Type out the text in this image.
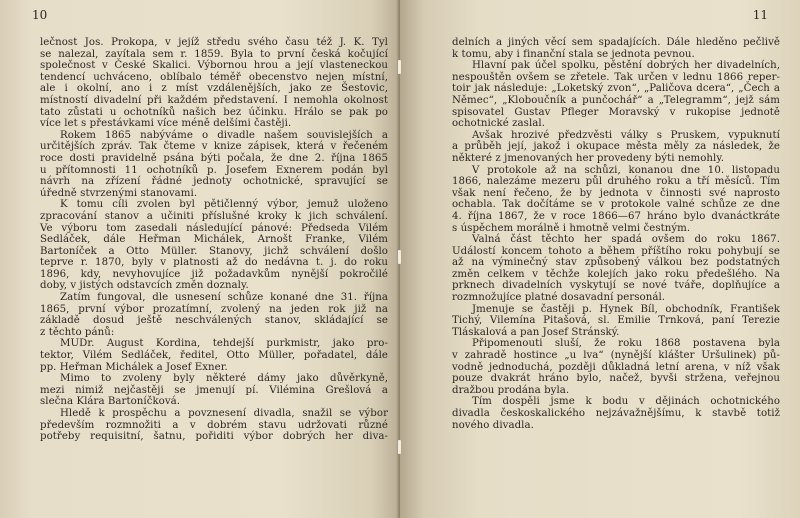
10
lečnost Jos. Prokopa, v jejíž středu svého času též J. K. Tyl
se nalezal, zavítala sem r. 1859. Byla to první česká kočující
společnost v České Skalici. Výbornou hrou a její vlasteneckou
tendencí uchváceno, oblíbalo téměř obecenstvo nejen místní,
ale i okolní, ano i z míst vzdálenějších, jako ze Šestovic,
místností divadelní při každém představení. I nemohla okolnost
tato zůstati u ochotníků našich bez účinku. Hrálo se pak po
více let s přestávkami více méně delšími častěji.
Rokem 1865 nabýváme o divadle našem souvislejších a
určitějších zpráv. Tak čteme v knize zápisek, která v řečeném
roce dosti pravidelně psána býti počala, že dne 2. října 1865
u přítomnosti 11 ochotníků p. Josefem Exnerem podán byl
návrh na zřízení řádné jednoty ochotnické, spravující se
úředně stvrzenými stanovami.
K tomu cíli zvolen byl pětičlenný výbor, jemuž uloženo
zpracování stanov a učiniti příslušné kroky k jich schválení.
Ve výboru tom zasedali následující pánové: Předseda Vilém
Sedláček, dále Heřman Michálek, Arnošt Franke, Vilém
Bartoníček a Otto Müller. Stanovy, jichž schválení došlo
teprve r. 1870, byly v platnosti až do nedávna t. j. do roku
1896, kdy, nevyhovujíce již požadavkům nynější pokročilé
doby, v jistých odstavcích změn doznaly.
Zatím fungoval, dle usnesení schůze konané dne 31. října
1865, první výbor prozatímní, zvolený na jeden rok již na
základě dosud ještě neschválených stanov, skládající se
z těchto pánů:
MUDr. August Kordina, tehdejší purkmistr, jako pro-
tektor, Vilém Sedláček, ředitel, Otto Müller, pořadatel, dále
pp. Heřman Michálek a Josef Exner.
Mimo to zvoleny byly některé dámy jako důvěrkyně,
mezi nimiž nejčastěji se jmenují pí. Vilémina Grešlová a
slečna Klára Bartoníčková.
Hledě k prospěchu a povznesení divadla, snažil se výbor
především rozmnožiti a v dobrém stavu udržovati různé
potřeby requisitní, šatnu, pořiditi výbor dobrých her diva-
11
delních a jiných věcí sem spadajících. Dále hleděno pečlivě
k tomu, aby i finanční stala se jednota pevnou.
Hlavní pak účel spolku, pěstění dobrých her divadelních,
nespouštěn ovšem se zřetele. Tak určen v lednu 1866 reper-
toir jak následuje: „Loketský zvon“, „Paličova dcera“, „Čech a
Němec“, „Kloboučník a punčochář“ a „Telegramm“, jejž sám
spisovatel Gustav Pfleger Moravský v rukopise jednotě
ochotnické zaslal.
Avšak hrozivé předzvěsti války s Pruskem, vypuknutí
a průběh její, jakož i okupace města měly za následek, že
některé z jmenovaných her provedeny býti nemohly.
V protokole až na schůzi, konanou dne 10. listopadu
1866, nalezáme mezeru půl druhého roku a tří měsíců. Tím
však není řečeno, že by jednota v činnosti své naprosto
ochabla. Tak dočítáme se v protokole valné schůze ze dne
4. října 1867, že v roce 1866—67 hráno bylo dvanáctkráte
s úspěchem morálně i hmotně velmi čestným.
Valná část těchto her spadá ovšem do roku 1867.
Událostí koncem tohoto a během příštího roku pohybují se
až na výminečný stav způsobený válkou bez podstatných
změn celkem v těchže kolejích jako roku předešlého. Na
prknech divadelních vyskytují se nové tváře, doplňujíce a
rozmnožujíce platné dosavadní personál.
Jmenuje se častěji p. Hynek Bíl, obchodník, František
Tichý, Vilemína Pitašová, sl. Emilie Trnková, paní Terezie
Tláskalová a pan Josef Stránský.
Připomenouti sluší, že roku 1868 postavena byla
v zahradě hostince „u lva“ (nynější klášter Uršulinek) pů-
vodně jednoduchá, později důkladná letní arena, v níž však
pouze dvakrát hráno bylo, načež, byvši stržena, veřejnou
dražbou prodána byla.
Tím dospěli jsme k bodu v dějinách ochotnického
divadla českoskalického nejzávažnějšímu, k stavbě totiž
nového divadla.
